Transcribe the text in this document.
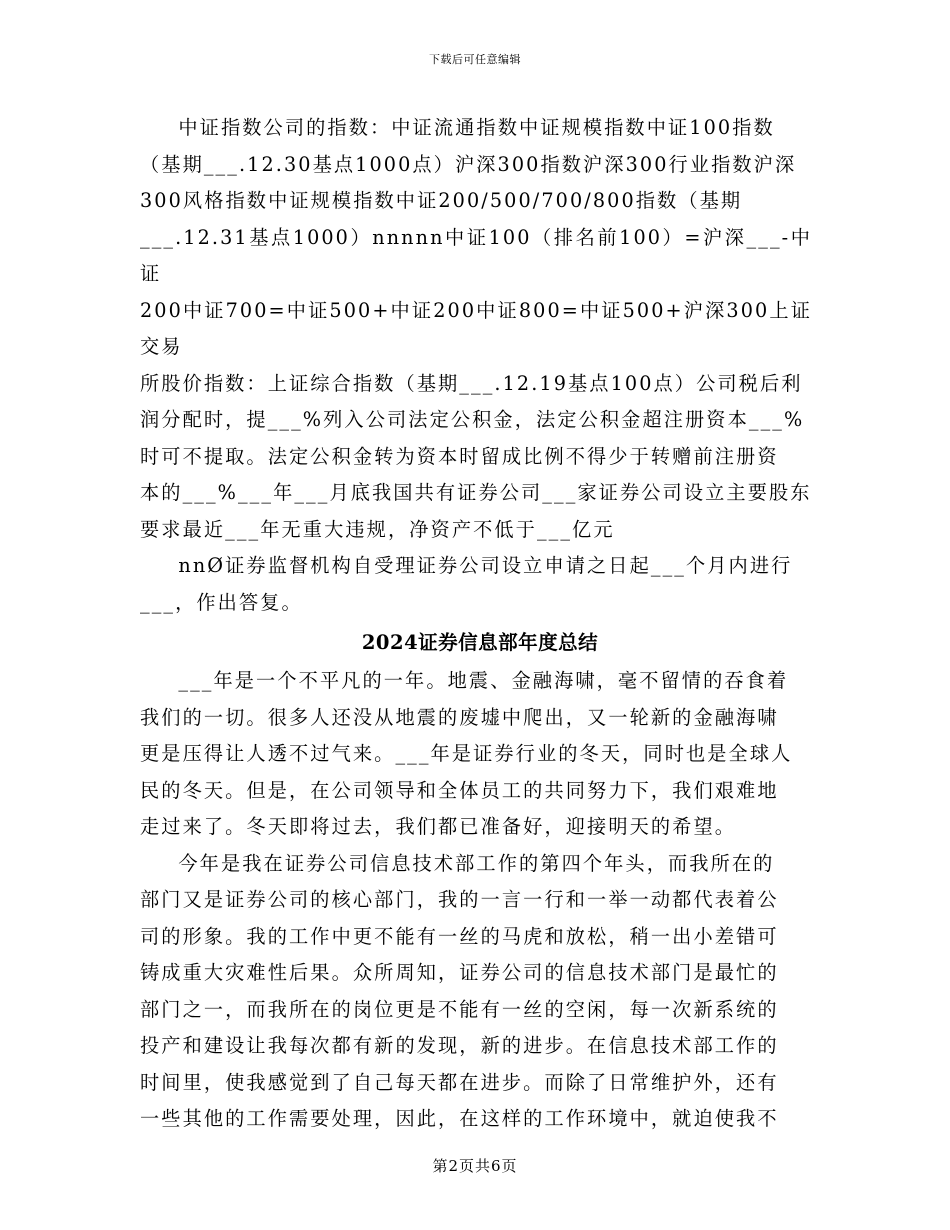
下载后可任意编辑

中证指数公司的指数：中证流通指数中证规模指数中证100指数
（基期___.12.30基点1000点）沪深300指数沪深300行业指数沪深
300风格指数中证规模指数中证200/500/700/800指数（基期
___.12.31基点1000）nnnnn中证100（排名前100）=沪深___-中证
200中证700=中证500+中证200中证800=中证500+沪深300上证交易
所股价指数：上证综合指数（基期___.12.19基点100点）公司税后利
润分配时，提___%列入公司法定公积金，法定公积金超注册资本___%
时可不提取。法定公积金转为资本时留成比例不得少于转赠前注册资
本的___%___年___月底我国共有证券公司___家证券公司设立主要股东
要求最近___年无重大违规，净资产不低于___亿元

nnØ证券监督机构自受理证券公司设立申请之日起___个月内进行
___，作出答复。

2024证券信息部年度总结

___年是一个不平凡的一年。地震、金融海啸，毫不留情的吞食着
我们的一切。很多人还没从地震的废墟中爬出，又一轮新的金融海啸
更是压得让人透不过气来。___年是证券行业的冬天，同时也是全球人
民的冬天。但是，在公司领导和全体员工的共同努力下，我们艰难地
走过来了。冬天即将过去，我们都已准备好，迎接明天的希望。

今年是我在证券公司信息技术部工作的第四个年头，而我所在的
部门又是证券公司的核心部门，我的一言一行和一举一动都代表着公
司的形象。我的工作中更不能有一丝的马虎和放松，稍一出小差错可
铸成重大灾难性后果。众所周知，证券公司的信息技术部门是最忙的
部门之一，而我所在的岗位更是不能有一丝的空闲，每一次新系统的
投产和建设让我每次都有新的发现，新的进步。在信息技术部工作的
时间里，使我感觉到了自己每天都在进步。而除了日常维护外，还有
一些其他的工作需要处理，因此，在这样的工作环境中，就迫使我不

第2页共6页
